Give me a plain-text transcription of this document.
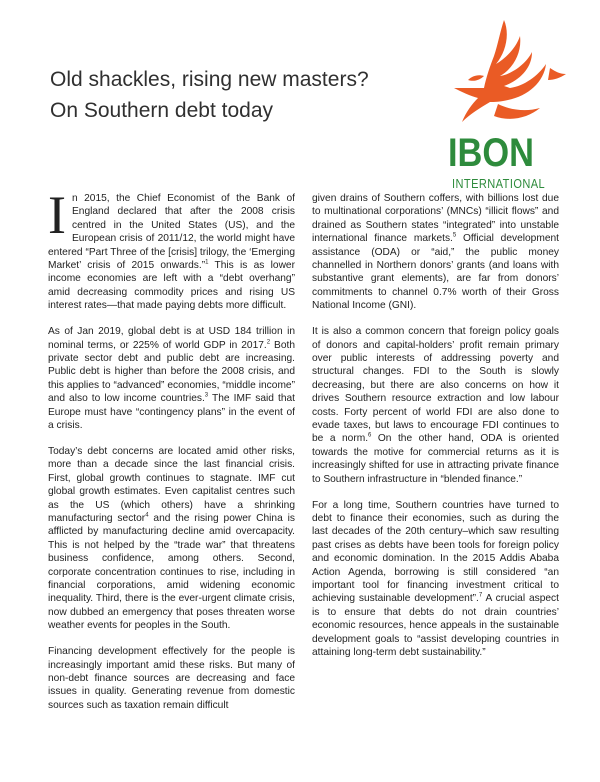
Old shackles, rising new masters?
On Southern debt today
IBON
INTERNATIONAL

In 2015, the Chief Economist of the Bank of England declared that after the 2008 crisis centred in the United States (US), and the European crisis of 2011/12, the world might have entered “Part Three of the [crisis] trilogy, the ‘Emerging Market’ crisis of 2015 onwards.”$^1$ This is as lower income economies are left with a “debt overhang” amid decreasing commodity prices and rising US interest rates—that made paying debts more difficult.

As of Jan 2019, global debt is at USD 184 trillion in nominal terms, or 225% of world GDP in 2017.$^2$ Both private sector debt and public debt are increasing. Public debt is higher than before the 2008 crisis, and this applies to “advanced” economies, “middle income” and also to low income countries.$^3$ The IMF said that Europe must have “contingency plans” in the event of a crisis.

Today’s debt concerns are located amid other risks, more than a decade since the last financial crisis. First, global growth continues to stagnate. IMF cut global growth estimates. Even capitalist centres such as the US (which others) have a shrinking manufacturing sector$^4$ and the rising power China is afflicted by manufacturing decline amid overcapacity. This is not helped by the “trade war” that threatens business confidence, among others. Second, corporate concentration continues to rise, including in financial corporations, amid widening economic inequality. Third, there is the ever-urgent climate crisis, now dubbed an emergency that poses threaten worse weather events for peoples in the South.

Financing development effectively for the people is increasingly important amid these risks. But many of non-debt finance sources are decreasing and face issues in quality. Generating revenue from domestic sources such as taxation remain difficult

given drains of Southern coffers, with billions lost due to multinational corporations’ (MNCs) “illicit flows” and drained as Southern states “integrated” into unstable international finance markets.$^5$ Official development assistance (ODA) or “aid,” the public money channelled in Northern donors’ grants (and loans with substantive grant elements), are far from donors’ commitments to channel 0.7% worth of their Gross National Income (GNI).

It is also a common concern that foreign policy goals of donors and capital-holders’ profit remain primary over public interests of addressing poverty and structural changes. FDI to the South is slowly decreasing, but there are also concerns on how it drives Southern resource extraction and low labour costs. Forty percent of world FDI are also done to evade taxes, but laws to encourage FDI continues to be a norm.$^6$ On the other hand, ODA is oriented towards the motive for commercial returns as it is increasingly shifted for use in attracting private finance to Southern infrastructure in “blended finance.”

For a long time, Southern countries have turned to debt to finance their economies, such as during the last decades of the 20th century–which saw resulting past crises as debts have been tools for foreign policy and economic domination. In the 2015 Addis Ababa Action Agenda, borrowing is still considered “an important tool for financing investment critical to achieving sustainable development”.$^7$ A crucial aspect is to ensure that debts do not drain countries’ economic resources, hence appeals in the sustainable development goals to “assist developing countries in attaining long-term debt sustainability.”
